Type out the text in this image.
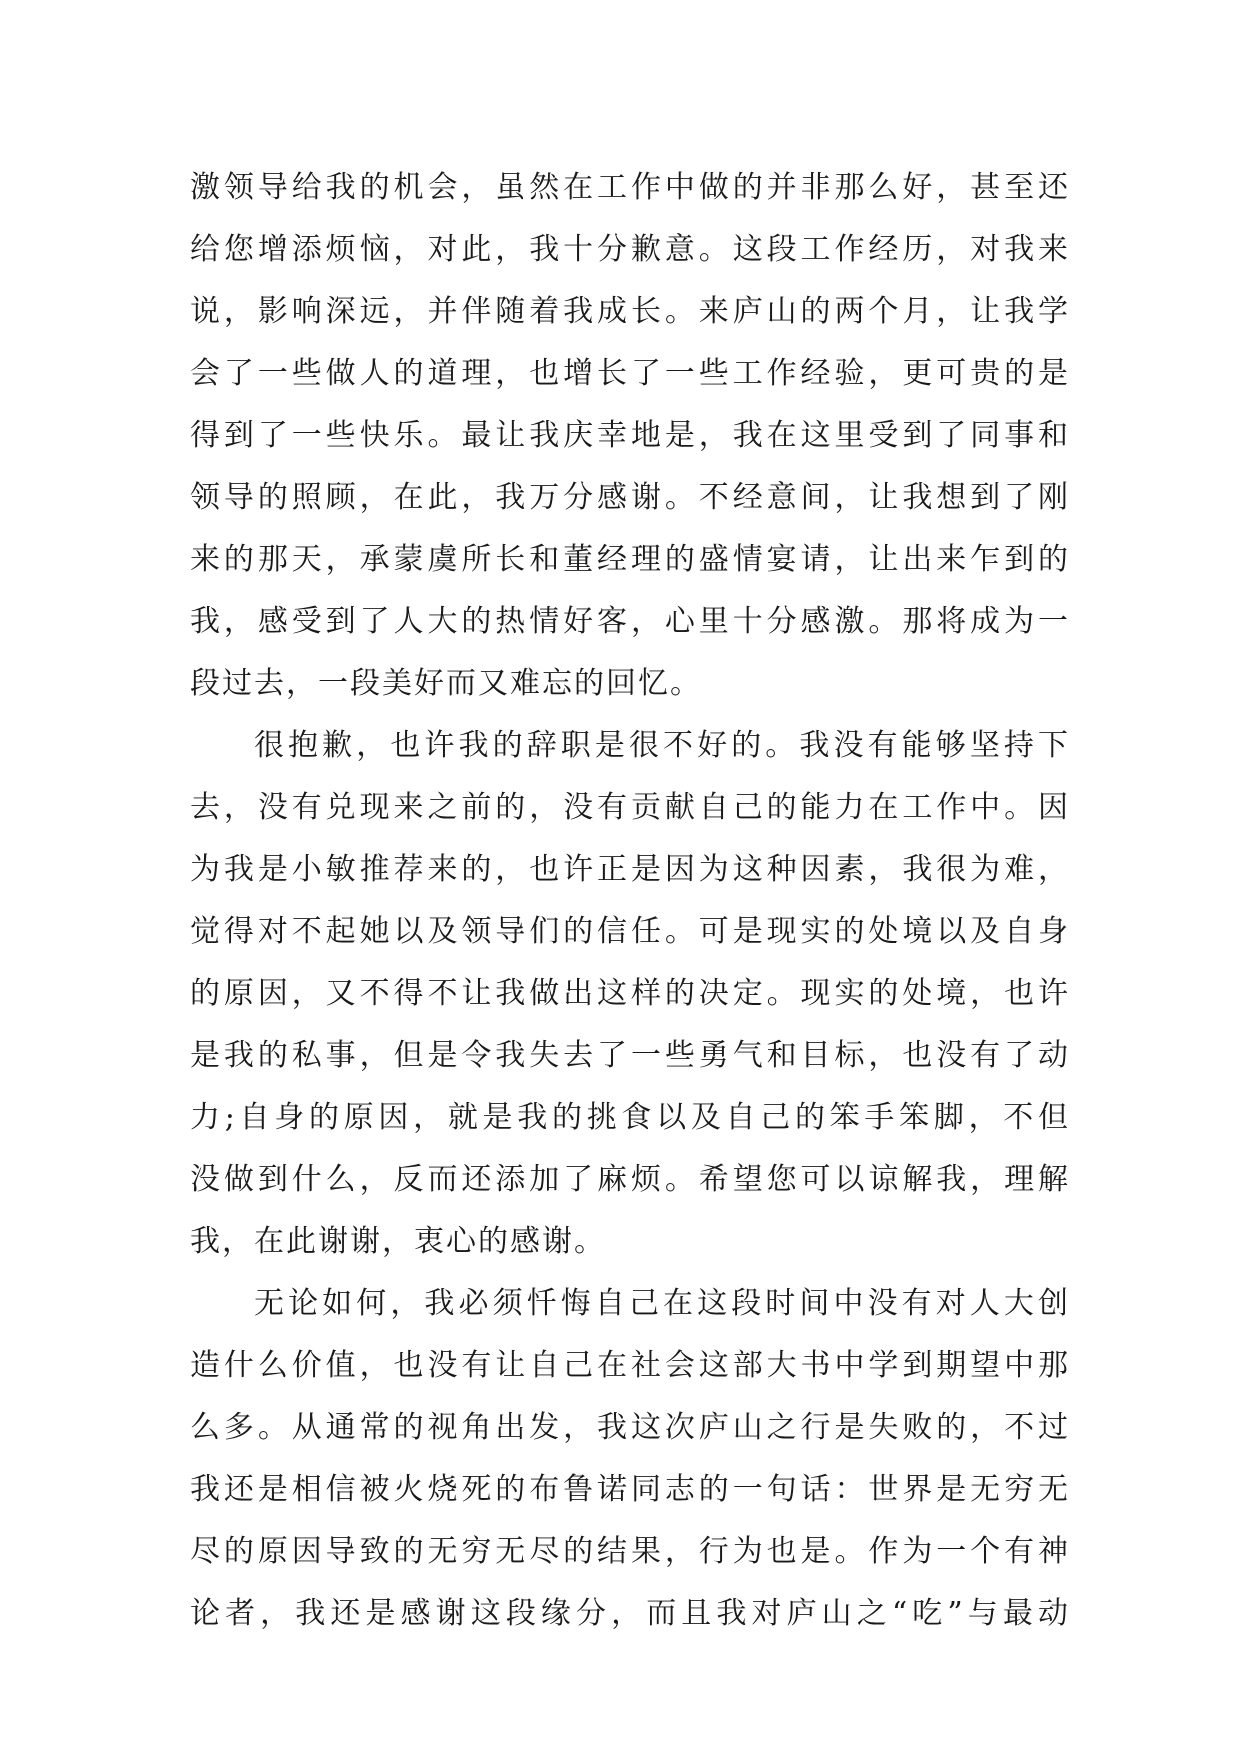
激领导给我的机会，虽然在工作中做的并非那么好，甚至还
给您增添烦恼，对此，我十分歉意。这段工作经历，对我来
说，影响深远，并伴随着我成长。来庐山的两个月，让我学
会了一些做人的道理，也增长了一些工作经验，更可贵的是
得到了一些快乐。最让我庆幸地是，我在这里受到了同事和
领导的照顾，在此，我万分感谢。不经意间，让我想到了刚
来的那天，承蒙虞所长和董经理的盛情宴请，让出来乍到的
我，感受到了人大的热情好客，心里十分感激。那将成为一
段过去，一段美好而又难忘的回忆。
很抱歉，也许我的辞职是很不好的。我没有能够坚持下
去，没有兑现来之前的，没有贡献自己的能力在工作中。因
为我是小敏推荐来的，也许正是因为这种因素，我很为难，
觉得对不起她以及领导们的信任。可是现实的处境以及自身
的原因，又不得不让我做出这样的决定。现实的处境，也许
是我的私事，但是令我失去了一些勇气和目标，也没有了动
力;自身的原因，就是我的挑食以及自己的笨手笨脚，不但
没做到什么，反而还添加了麻烦。希望您可以谅解我，理解
我，在此谢谢，衷心的感谢。
无论如何，我必须忏悔自己在这段时间中没有对人大创
造什么价值，也没有让自己在社会这部大书中学到期望中那
么多。从通常的视角出发，我这次庐山之行是失败的，不过
我还是相信被火烧死的布鲁诺同志的一句话：世界是无穷无
尽的原因导致的无穷无尽的结果，行为也是。作为一个有神
论者，我还是感谢这段缘分，而且我对庐山之“吃”与最动
